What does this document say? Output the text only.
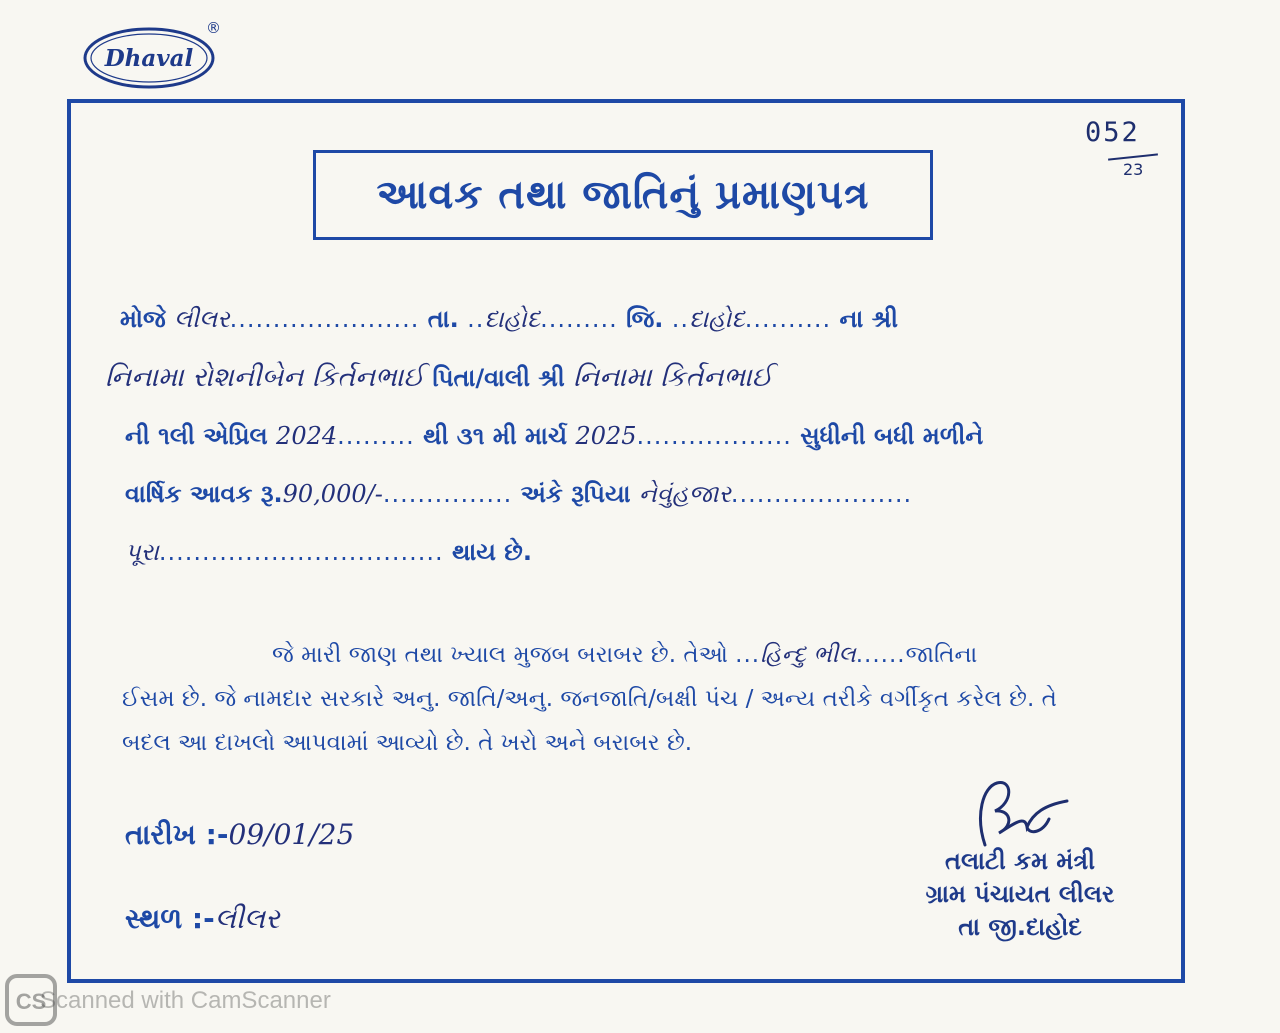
Dhaval
®
052
23
આવક તથા જાતિનું પ્રમાણપત્ર
મોજે લીલર...................... તા. ..દાહોદ......... જિ. ..દાહોદ.......... ના શ્રી
નિનામા રોશનીબેન કિર્તનભાઈ પિતા/વાલી શ્રી નિનામા કિર્તનભાઈ
ની ૧લી એપ્રિલ 2024......... થી ૩૧ મી માર્ચ 2025.................. સુધીની બધી મળીને
વાર્ષિક આવક રૂ.90,000/-............... અંકે રૂપિયા નેવુંહજાર.....................
પૂરા................................. થાય છે.
જે મારી જાણ તથા ખ્યાલ મુજબ બરાબર છે. તેઓ ...હિન્દુ ભીલ......જાતિના
ઈસમ છે. જે નામદાર સરકારે અનુ. જાતિ/અનુ. જનજાતિ/બક્ષી પંચ / અન્ય તરીકે વર્ગીકૃત કરેલ છે. તે
બદલ આ દાખલો આપવામાં આવ્યો છે. તે ખરો અને બરાબર છે.
તારીખ :-09/01/25
સ્થળ :-લીલર
તલાટી કમ મંત્રી
ગ્રામ પંચાયત લીલર
તા જી.દાહોદ
CS
Scanned with CamScanner
